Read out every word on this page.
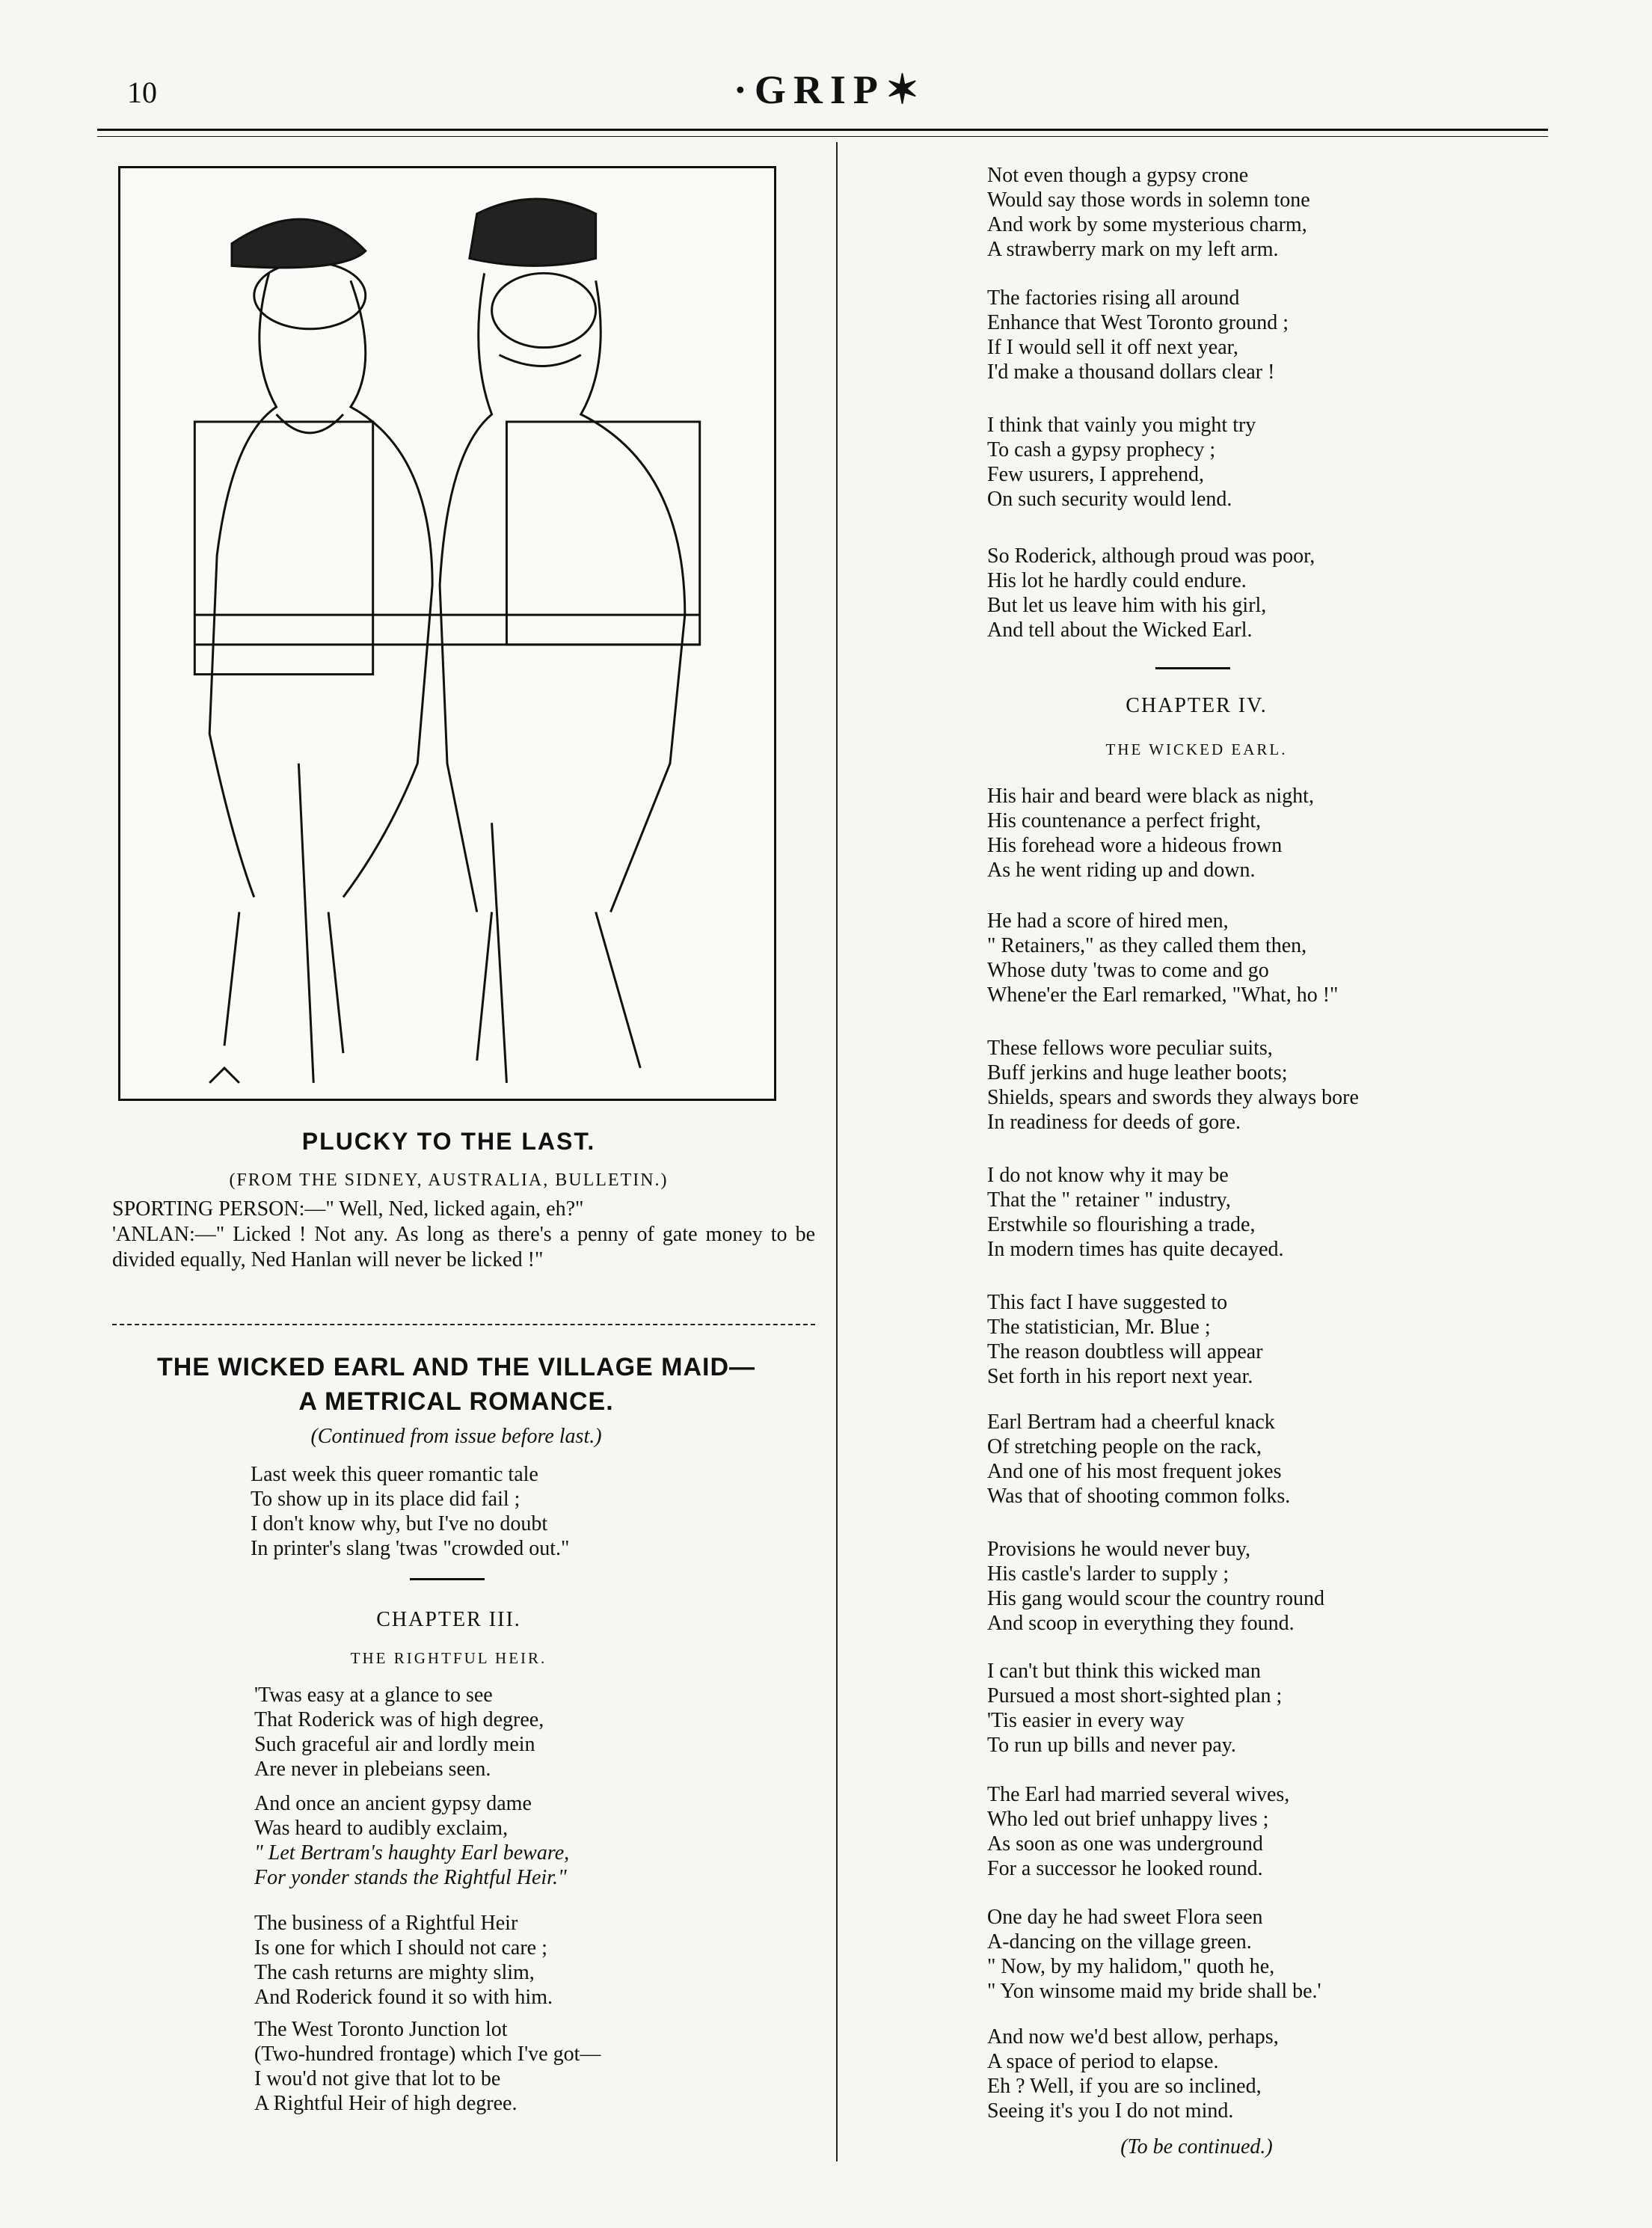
10	·GRIP✶
PLUCKY TO THE LAST.
(FROM THE SIDNEY, AUSTRALIA, BULLETIN.)

SPORTING PERSON:—" Well, Ned, licked again, eh?"

'ANLAN:—" Licked ! Not any. As long as there's a penny of gate money to be divided equally, Ned Hanlan will never be licked !"

THE WICKED EARL AND THE VILLAGE MAID—
A METRICAL ROMANCE.
(Continued from issue before last.)
Last week this queer romantic tale
To show up in its place did fail ;
I don't know why, but I've no doubt
In printer's slang 'twas "crowded out."
CHAPTER III.
THE RIGHTFUL HEIR.
'Twas easy at a glance to see
That Roderick was of high degree,
Such graceful air and lordly mein
Are never in plebeians seen.
And once an ancient gypsy dame
Was heard to audibly exclaim,
" Let Bertram's haughty Earl beware,
For yonder stands the Rightful Heir."
The business of a Rightful Heir
Is one for which I should not care ;
The cash returns are mighty slim,
And Roderick found it so with him.
The West Toronto Junction lot
(Two-hundred frontage) which I've got—
I wou'd not give that lot to be
A Rightful Heir of high degree.
Not even though a gypsy crone
Would say those words in solemn tone
And work by some mysterious charm,
A strawberry mark on my left arm.
The factories rising all around
Enhance that West Toronto ground ;
If I would sell it off next year,
I'd make a thousand dollars clear !
I think that vainly you might try
To cash a gypsy prophecy ;
Few usurers, I apprehend,
On such security would lend.
So Roderick, although proud was poor,
His lot he hardly could endure.
But let us leave him with his girl,
And tell about the Wicked Earl.
CHAPTER IV.
THE WICKED EARL.
His hair and beard were black as night,
His countenance a perfect fright,
His forehead wore a hideous frown
As he went riding up and down.
He had a score of hired men,
" Retainers," as they called them then,
Whose duty 'twas to come and go
Whene'er the Earl remarked, "What, ho !"
These fellows wore peculiar suits,
Buff jerkins and huge leather boots;
Shields, spears and swords they always bore
In readiness for deeds of gore.
I do not know why it may be
That the " retainer " industry,
Erstwhile so flourishing a trade,
In modern times has quite decayed.
This fact I have suggested to
The statistician, Mr. Blue ;
The reason doubtless will appear
Set forth in his report next year.
Earl Bertram had a cheerful knack
Of stretching people on the rack,
And one of his most frequent jokes
Was that of shooting common folks.
Provisions he would never buy,
His castle's larder to supply ;
His gang would scour the country round
And scoop in everything they found.
I can't but think this wicked man
Pursued a most short-sighted plan ;
'Tis easier in every way
To run up bills and never pay.
The Earl had married several wives,
Who led out brief unhappy lives ;
As soon as one was underground
For a successor he looked round.
One day he had sweet Flora seen
A-dancing on the village green.
" Now, by my halidom," quoth he,
" Yon winsome maid my bride shall be.'
And now we'd best allow, perhaps,
A space of period to elapse.
Eh ? Well, if you are so inclined,
Seeing it's you I do not mind.
(To be continued.)
